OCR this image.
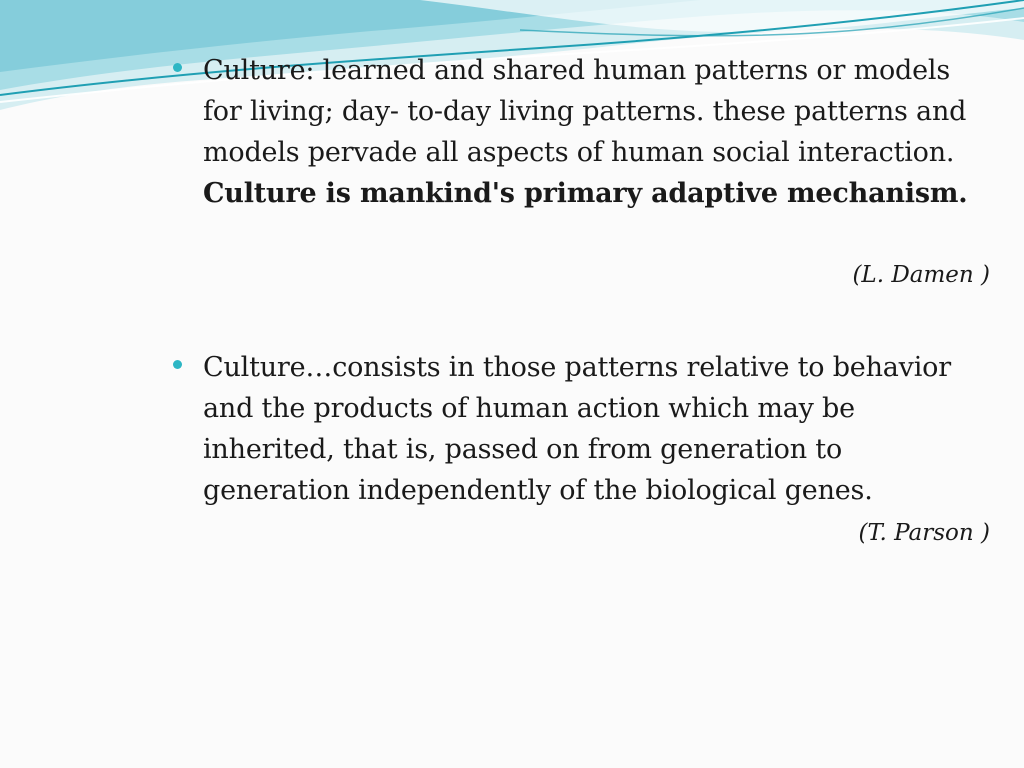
Culture: learned and shared human patterns or models for living; day- to-day living patterns. these patterns and models pervade all aspects of human social interaction. Culture is mankind's primary adaptive mechanism.
(L. Damen )
Culture…consists in those patterns relative to behavior and the products of human action which may be inherited, that is, passed on from generation to generation independently of the biological genes.
(T. Parson )
